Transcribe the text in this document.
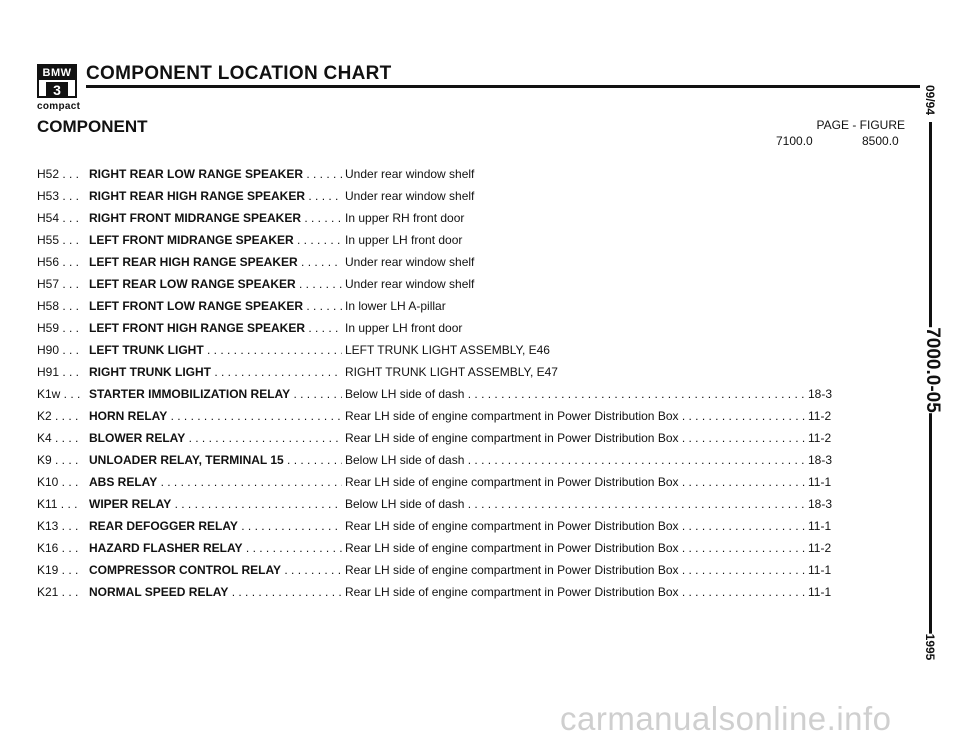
BMW
3
compact
COMPONENT LOCATION CHART
COMPONENT	PAGE - FIGURE
7100.0	8500.0
09/94
7000.0-05
1995
H52 . . . RIGHT REAR LOW RANGE SPEAKER . . .	Under rear window shelf
H53 . . . RIGHT REAR HIGH RANGE SPEAKER . . .	Under rear window shelf
H54 . . . RIGHT FRONT MIDRANGE SPEAKER . . .	In upper RH front door
H55 . . . LEFT FRONT MIDRANGE SPEAKER . . .	In upper LH front door
H56 . . . LEFT REAR HIGH RANGE SPEAKER . . .	Under rear window shelf
H57 . . . LEFT REAR LOW RANGE SPEAKER . . .	Under rear window shelf
H58 . . . LEFT FRONT LOW RANGE SPEAKER . . .	In lower LH A-pillar
H59 . . . LEFT FRONT HIGH RANGE SPEAKER . . .	In upper LH front door
H90 . . . LEFT TRUNK LIGHT . . .	LEFT TRUNK LIGHT ASSEMBLY, E46
H91 . . . RIGHT TRUNK LIGHT . . .	RIGHT TRUNK LIGHT ASSEMBLY, E47
K1w . . . STARTER IMMOBILIZATION RELAY . . .	Below LH side of dash . . .	18-3
K2 . . . . HORN RELAY . . .	Rear LH side of engine compartment in Power Distribution Box . . .	11-2
K4 . . . . BLOWER RELAY . . .	Rear LH side of engine compartment in Power Distribution Box . . .	11-2
K9 . . . . UNLOADER RELAY, TERMINAL 15 . . .	Below LH side of dash . . .	18-3
K10 . . . ABS RELAY . . .	Rear LH side of engine compartment in Power Distribution Box . . .	11-1
K11 . . . WIPER RELAY . . .	Below LH side of dash . . .	18-3
K13 . . . REAR DEFOGGER RELAY . . .	Rear LH side of engine compartment in Power Distribution Box . . .	11-1
K16 . . . HAZARD FLASHER RELAY . . .	Rear LH side of engine compartment in Power Distribution Box . . .	11-2
K19 . . . COMPRESSOR CONTROL RELAY . . .	Rear LH side of engine compartment in Power Distribution Box . . .	11-1
K21 . . . NORMAL SPEED RELAY . . .	Rear LH side of engine compartment in Power Distribution Box . . .	11-1
carmanualsonline.info
